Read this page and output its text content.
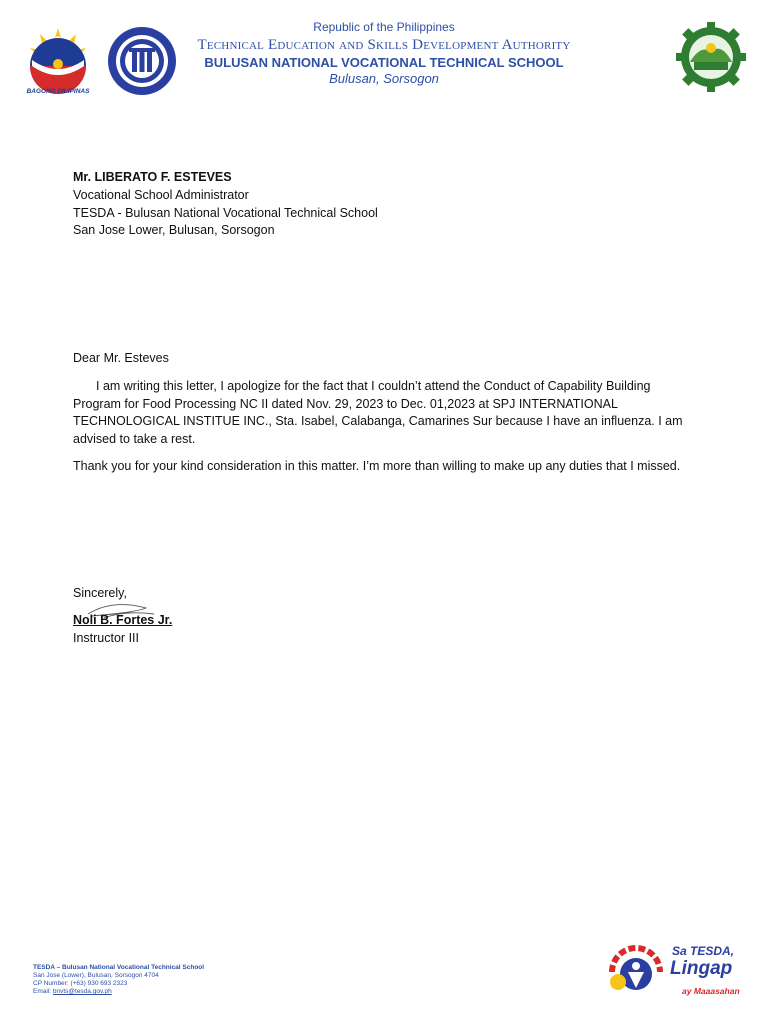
BAGONG PILIPINAS
Republic of the Philippines
Technical Education and Skills Development Authority
BULUSAN NATIONAL VOCATIONAL TECHNICAL SCHOOL
Bulusan, Sorsogon
Mr. LIBERATO F. ESTEVES
Vocational School Administrator
TESDA - Bulusan National Vocational Technical School
San Jose Lower, Bulusan, Sorsogon
Dear Mr. Esteves
I am writing this letter, I apologize for the fact that I couldn’t attend the Conduct of Capability Building Program for Food Processing NC II dated Nov. 29, 2023 to Dec. 01,2023 at SPJ INTERNATIONAL TECHNOLOGICAL INSTITUE INC., Sta. Isabel, Calabanga, Camarines Sur because I have an influenza. I am advised to take a rest.
Thank you for your kind consideration in this matter. I’m more than willing to make up any duties that I missed.
Sincerely,
Noli B. Fortes Jr.
Instructor III
TESDA – Bulusan National Vocational Technical School
San Jose (Lower), Bulusan, Sorsogon 4704
CP Number: (+63) 930 693 2323
Email: bnvts@tesda.gov.ph
Sa TESDA,
Lingap
ay Maaasahan
